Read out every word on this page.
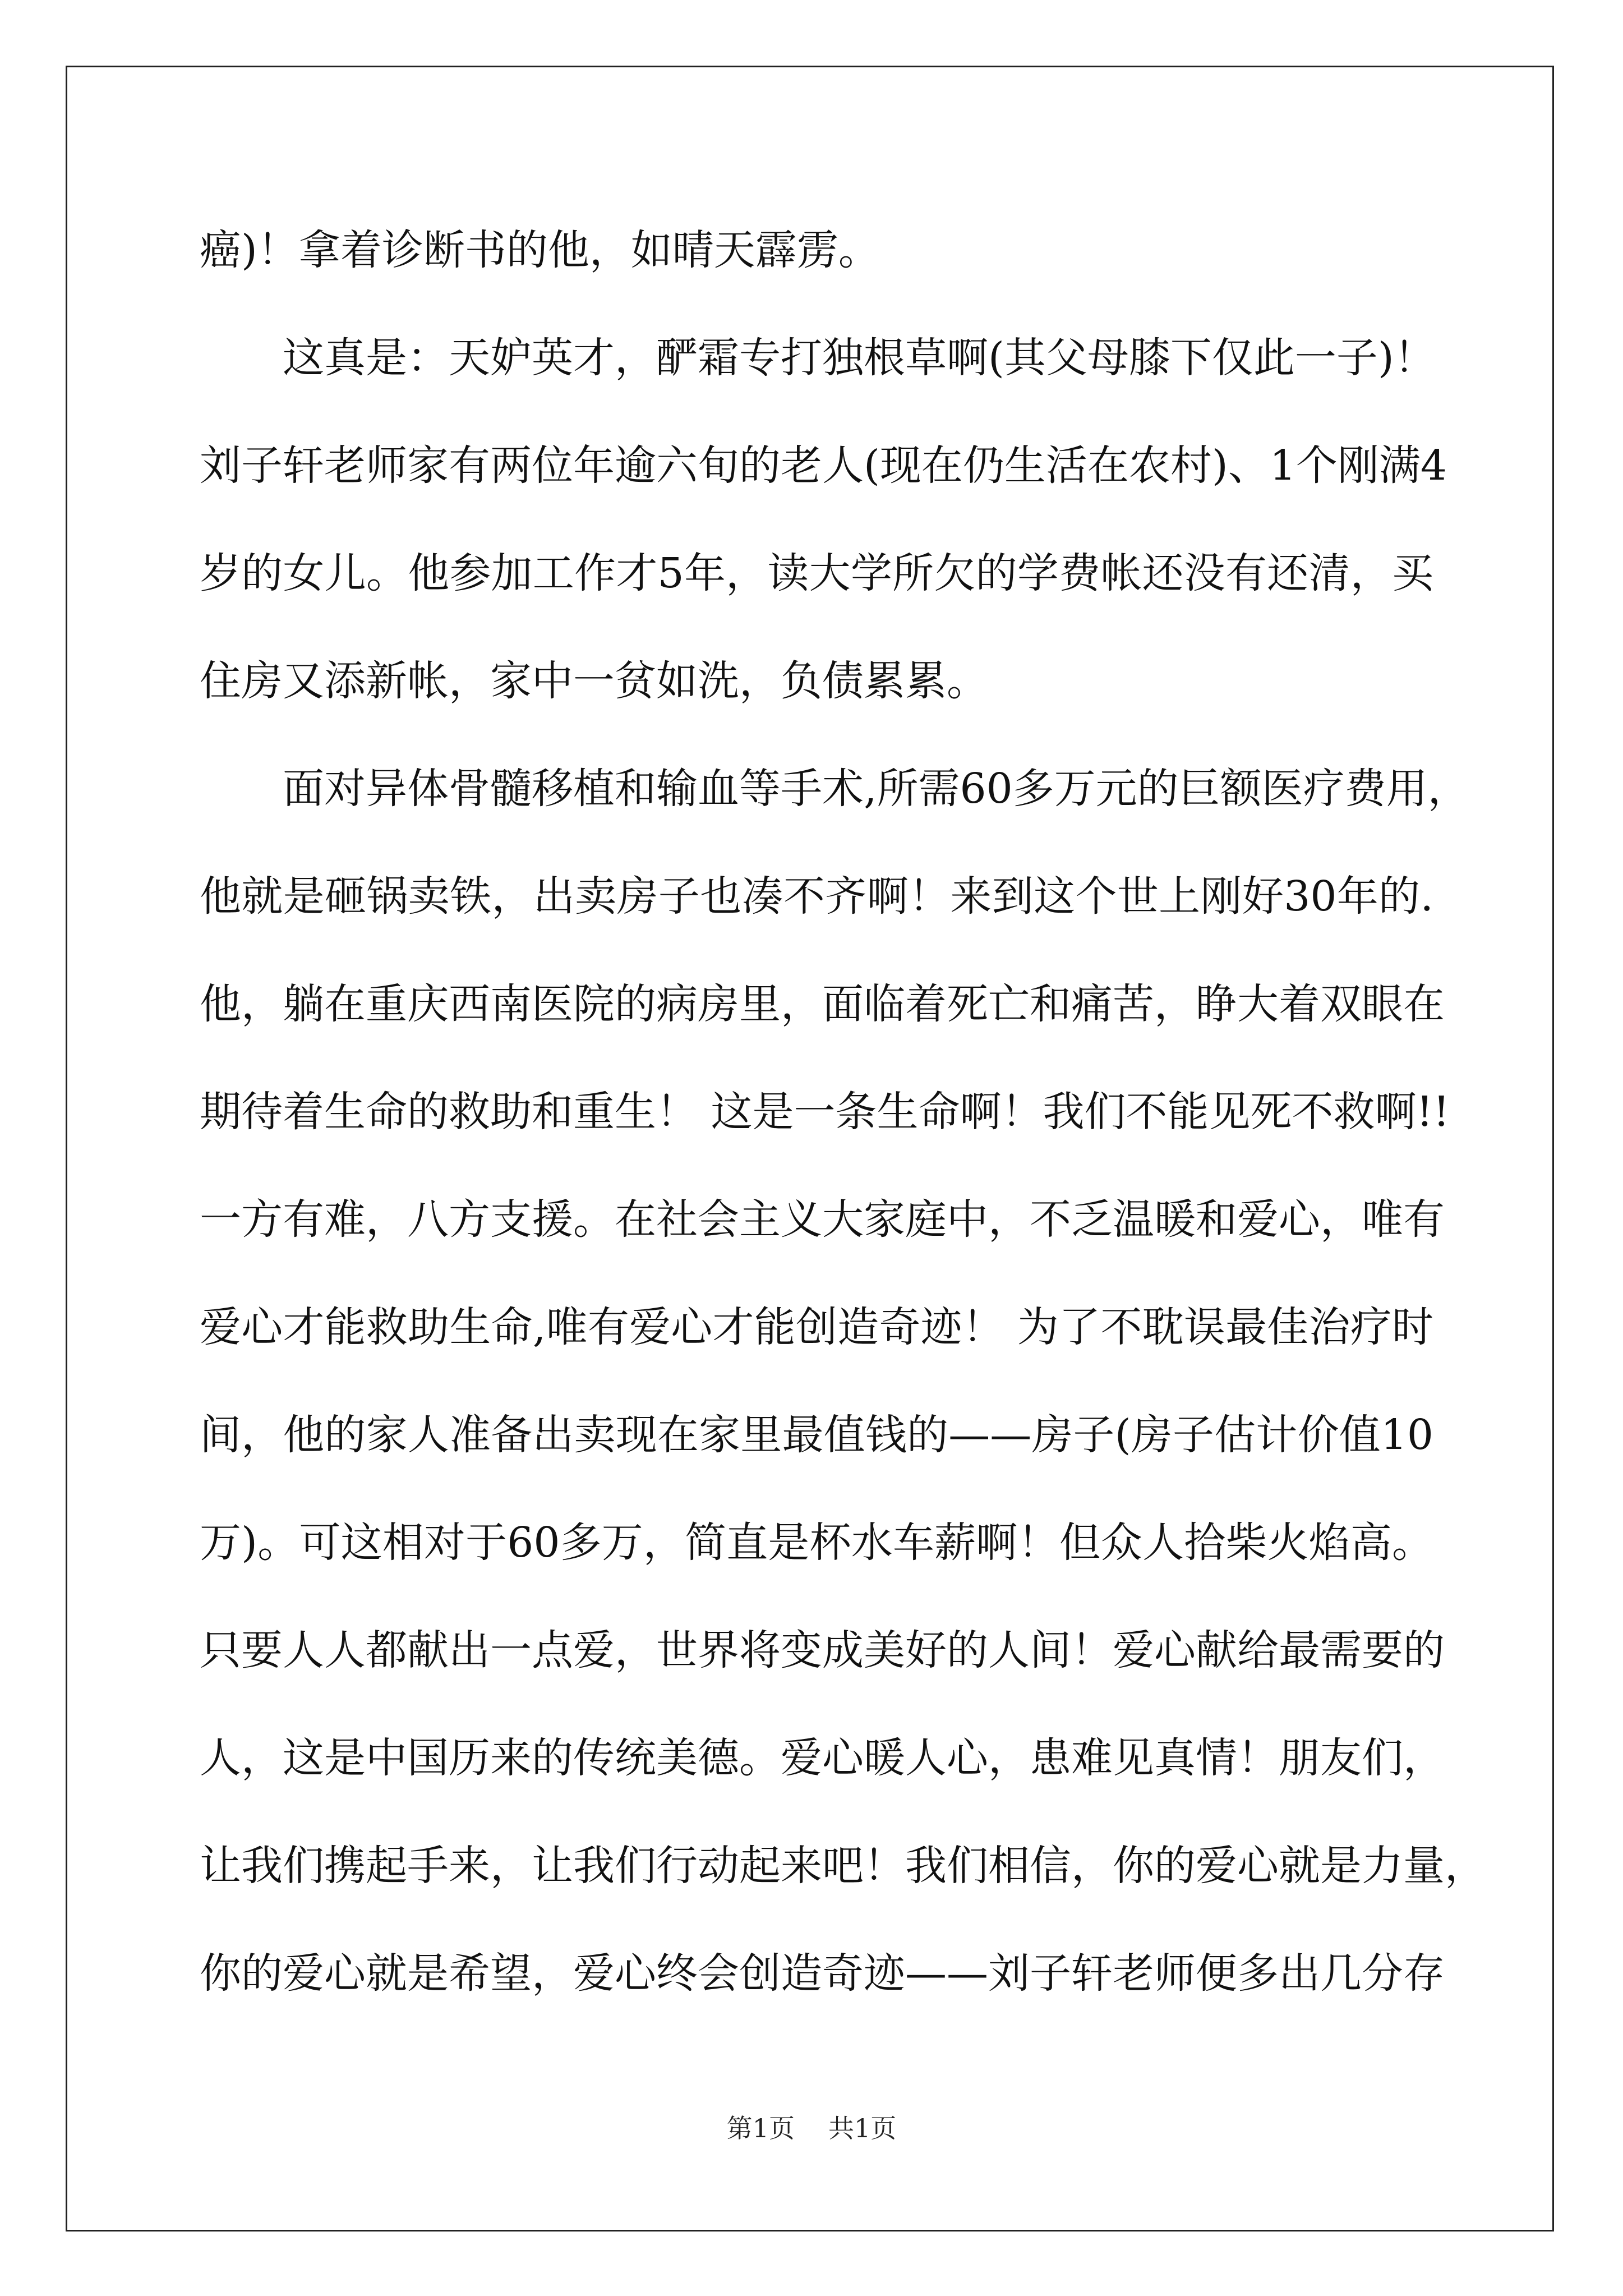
癌)！拿着诊断书的他，如晴天霹雳。
这真是：天妒英才，酽霜专打独根草啊(其父母膝下仅此一子)！
刘子轩老师家有两位年逾六旬的老人(现在仍生活在农村)、1个刚满4
岁的女儿。他参加工作才5年，读大学所欠的学费帐还没有还清，买
住房又添新帐，家中一贫如洗，负债累累。
面对异体骨髓移植和输血等手术,所需60多万元的巨额医疗费用，
他就是砸锅卖铁，出卖房子也凑不齐啊！来到这个世上刚好30年的.
他，躺在重庆西南医院的病房里，面临着死亡和痛苦，睁大着双眼在
期待着生命的救助和重生！ 这是一条生命啊！我们不能见死不救啊!!
一方有难，八方支援。在社会主义大家庭中，不乏温暖和爱心，唯有
爱心才能救助生命,唯有爱心才能创造奇迹！ 为了不耽误最佳治疗时
间，他的家人准备出卖现在家里最值钱的——房子(房子估计价值10
万)。可这相对于60多万，简直是杯水车薪啊！但众人拾柴火焰高。
只要人人都献出一点爱，世界将变成美好的人间！爱心献给最需要的
人，这是中国历来的传统美德。爱心暖人心，患难见真情！朋友们，
让我们携起手来，让我们行动起来吧！我们相信，你的爱心就是力量，
你的爱心就是希望，爱心终会创造奇迹——刘子轩老师便多出几分存
第1页 共1页
